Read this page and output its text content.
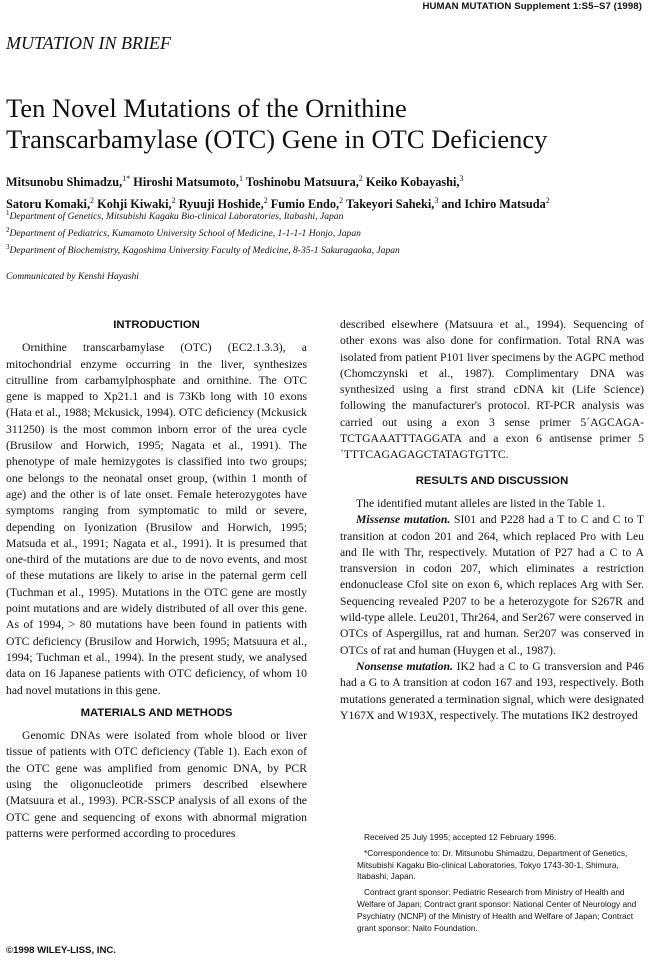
HUMAN MUTATION Supplement 1:S5–S7 (1998)
MUTATION IN BRIEF
Ten Novel Mutations of the Ornithine
Transcarbamylase (OTC) Gene in OTC Deficiency
Mitsunobu Shimadzu,$^{1*}$ Hiroshi Matsumoto,$^1$ Toshinobu Matsuura,$^2$ Keiko Kobayashi,$^3$
Satoru Komaki,$^2$ Kohji Kiwaki,$^2$ Ryuuji Hoshide,$^2$ Fumio Endo,$^2$ Takeyori Saheki,$^3$ and Ichiro Matsuda$^2$
$^1$Department of Genetics, Mitsubishi Kagaku Bio-clinical Laboratories, Itabashi, Japan
$^2$Department of Pediatrics, Kumamoto University School of Medicine, 1-1-1-1 Honjo, Japan
$^3$Department of Biochemistry, Kagoshima University Faculty of Medicine, 8-35-1 Sakuragaoka, Japan
Communicated by Kenshi Hayashi

INTRODUCTION

Ornithine transcarbamylase (OTC) (EC2.1.3.3), a mitochondrial enzyme occurring in the liver, synthesizes citrulline from carbamylphosphate and ornithine. The OTC gene is mapped to Xp21.1 and is 73Kb long with 10 exons (Hata et al., 1988; Mckusick, 1994). OTC deficiency (Mckusick 311250) is the most common inborn error of the urea cycle (Brusilow and Horwich, 1995; Nagata et al., 1991). The phenotype of male hemizygotes is classified into two groups; one belongs to the neonatal onset group, (within 1 month of age) and the other is of late onset. Female heterozygotes have symptoms ranging from symptomatic to mild or severe, depending on lyonization (Brusilow and Horwich, 1995; Matsuda et al., 1991; Nagata et al., 1991). It is presumed that one-third of the mutations are due to de novo events, and most of these mutations are likely to arise in the paternal germ cell (Tuchman et al., 1995). Mutations in the OTC gene are mostly point mutations and are widely distributed of all over this gene. As of 1994, > 80 mutations have been found in patients with OTC deficiency (Brusilow and Horwich, 1995; Matsuura et al., 1994; Tuchman et al., 1994). In the present study, we analysed data on 16 Japanese patients with OTC deficiency, of whom 10 had novel mutations in this gene.

MATERIALS AND METHODS

Genomic DNAs were isolated from whole blood or liver tissue of patients with OTC deficiency (Table 1). Each exon of the OTC gene was amplified from genomic DNA, by PCR using the oligonucleotide primers described elsewhere (Matsuura et al., 1993). PCR-SSCP analysis of all exons of the OTC gene and sequencing of exons with abnormal migration patterns were performed according to procedures

described elsewhere (Matsuura et al., 1994). Sequencing of other exons was also done for confirmation. Total RNA was isolated from patient P101 liver specimens by the AGPC method (Chomczynski et al., 1987). Complimentary DNA was synthesized using a first strand cDNA kit (Life Science) following the manufacturer's protocol. RT-PCR analysis was carried out using a exon 3 sense primer 5´AGCAGA-TCTGAAATTTAGGATA and a exon 6 antisense primer 5´TTTCAGAGAGCTATAGTGTTC.

RESULTS AND DISCUSSION

The identified mutant alleles are listed in the Table 1.

Missense mutation. SI01 and P228 had a T to C and C to T transition at codon 201 and 264, which replaced Pro with Leu and Ile with Thr, respectively. Mutation of P27 had a C to A transversion in codon 207, which eliminates a restriction endonuclease CfoI site on exon 6, which replaces Arg with Ser. Sequencing revealed P207 to be a heterozygote for S267R and wild-type allele. Leu201, Thr264, and Ser267 were conserved in OTCs of Aspergillus, rat and human. Ser207 was conserved in OTCs of rat and human (Huygen et al., 1987).

Nonsense mutation. IK2 had a C to G transversion and P46 had a G to A transition at codon 167 and 193, respectively. Both mutations generated a termination signal, which were designated Y167X and W193X, respectively. The mutations IK2 destroyed

Received 25 July 1995; accepted 12 February 1996.

*Correspondence to: Dr. Mitsunobu Shimadzu, Department of Genetics, Mitsubishi Kagaku Bio-clinical Laboratories, Tokyo 1743-30-1, Shimura, Itabashi, Japan.

Contract grant sponsor: Pediatric Research from Ministry of Health and Welfare of Japan; Contract grant sponsor: National Center of Neurology and Psychiatry (NCNP) of the Ministry of Health and Welfare of Japan; Contract grant sponsor: Naito Foundation.

©1998 WILEY-LISS, INC.
